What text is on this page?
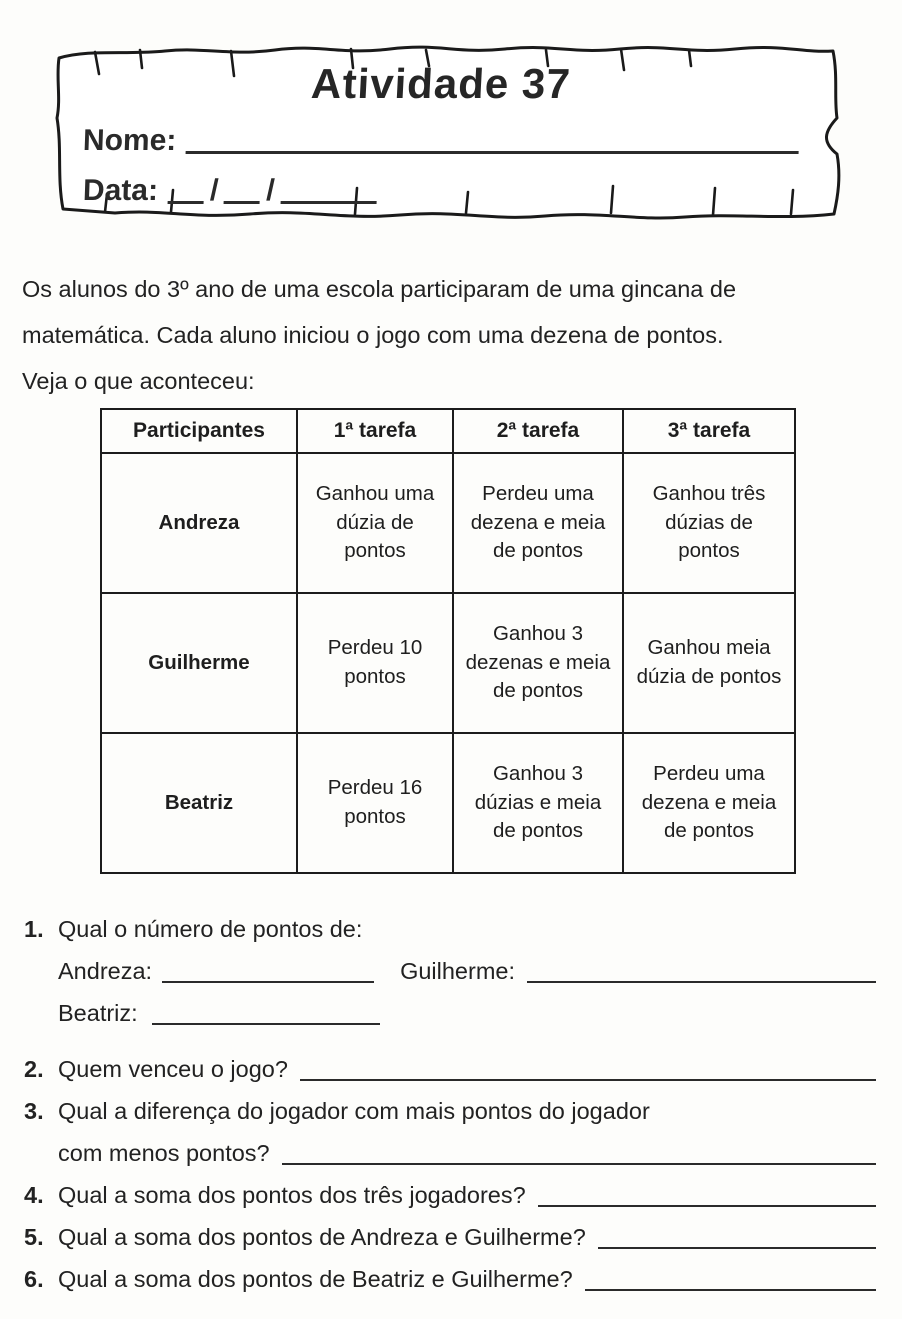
Atividade 37
Nome:
Data: / /
Os alunos do 3º ano de uma escola participaram de uma gincana de
matemática. Cada aluno iniciou o jogo com uma dezena de pontos.
Veja o que aconteceu:
Participantes	1ª tarefa	2ª tarefa	3ª tarefa
Andreza	Ganhou uma dúzia de pontos	Perdeu uma dezena e meia de pontos	Ganhou três dúzias de pontos
Guilherme	Perdeu 10 pontos	Ganhou 3 dezenas e meia de pontos	Ganhou meia dúzia de pontos
Beatriz	Perdeu 16 pontos	Ganhou 3 dúzias e meia de pontos	Perdeu uma dezena e meia de pontos
1. Qual o número de pontos de:
Andreza:	Guilherme:
Beatriz:
2. Quem venceu o jogo?
3. Qual a diferença do jogador com mais pontos do jogador
com menos pontos?
4. Qual a soma dos pontos dos três jogadores?
5. Qual a soma dos pontos de Andreza e Guilherme?
6. Qual a soma dos pontos de Beatriz e Guilherme?
